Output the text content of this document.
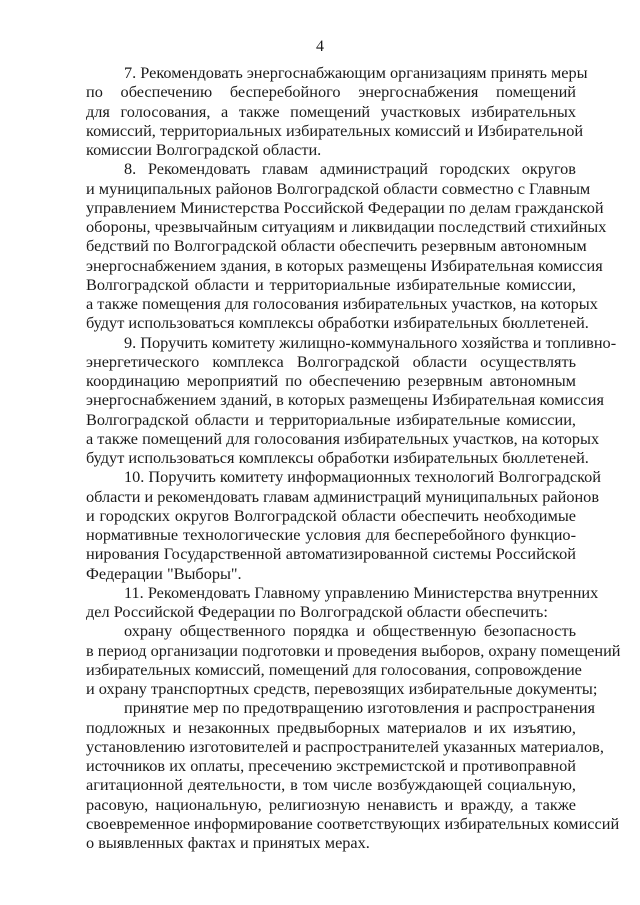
4
7. Рекомендовать энергоснабжающим организациям принять меры
по обеспечению бесперебойного энергоснабжения помещений
для голосования, а также помещений участковых избирательных
комиссий, территориальных избирательных комиссий и Избирательной
комиссии Волгоградской области.
8. Рекомендовать главам администраций городских округов
и муниципальных районов Волгоградской области совместно с Главным
управлением Министерства Российской Федерации по делам гражданской
обороны, чрезвычайным ситуациям и ликвидации последствий стихийных
бедствий по Волгоградской области обеспечить резервным автономным
энергоснабжением здания, в которых размещены Избирательная комиссия
Волгоградской области и территориальные избирательные комиссии,
а также помещения для голосования избирательных участков, на которых
будут использоваться комплексы обработки избирательных бюллетеней.
9. Поручить комитету жилищно-коммунального хозяйства и топливно-
энергетического комплекса Волгоградской области осуществлять
координацию мероприятий по обеспечению резервным автономным
энергоснабжением зданий, в которых размещены Избирательная комиссия
Волгоградской области и территориальные избирательные комиссии,
а также помещений для голосования избирательных участков, на которых
будут использоваться комплексы обработки избирательных бюллетеней.
10. Поручить комитету информационных технологий Волгоградской
области и рекомендовать главам администраций муниципальных районов
и городских округов Волгоградской области обеспечить необходимые
нормативные технологические условия для бесперебойного функцио-
нирования Государственной автоматизированной системы Российской
Федерации "Выборы".
11. Рекомендовать Главному управлению Министерства внутренних
дел Российской Федерации по Волгоградской области обеспечить:
охрану общественного порядка и общественную безопасность
в период организации подготовки и проведения выборов, охрану помещений
избирательных комиссий, помещений для голосования, сопровождение
и охрану транспортных средств, перевозящих избирательные документы;
принятие мер по предотвращению изготовления и распространения
подложных и незаконных предвыборных материалов и их изъятию,
установлению изготовителей и распространителей указанных материалов,
источников их оплаты, пресечению экстремистской и противоправной
агитационной деятельности, в том числе возбуждающей социальную,
расовую, национальную, религиозную ненависть и вражду, а также
своевременное информирование соответствующих избирательных комиссий
о выявленных фактах и принятых мерах.
